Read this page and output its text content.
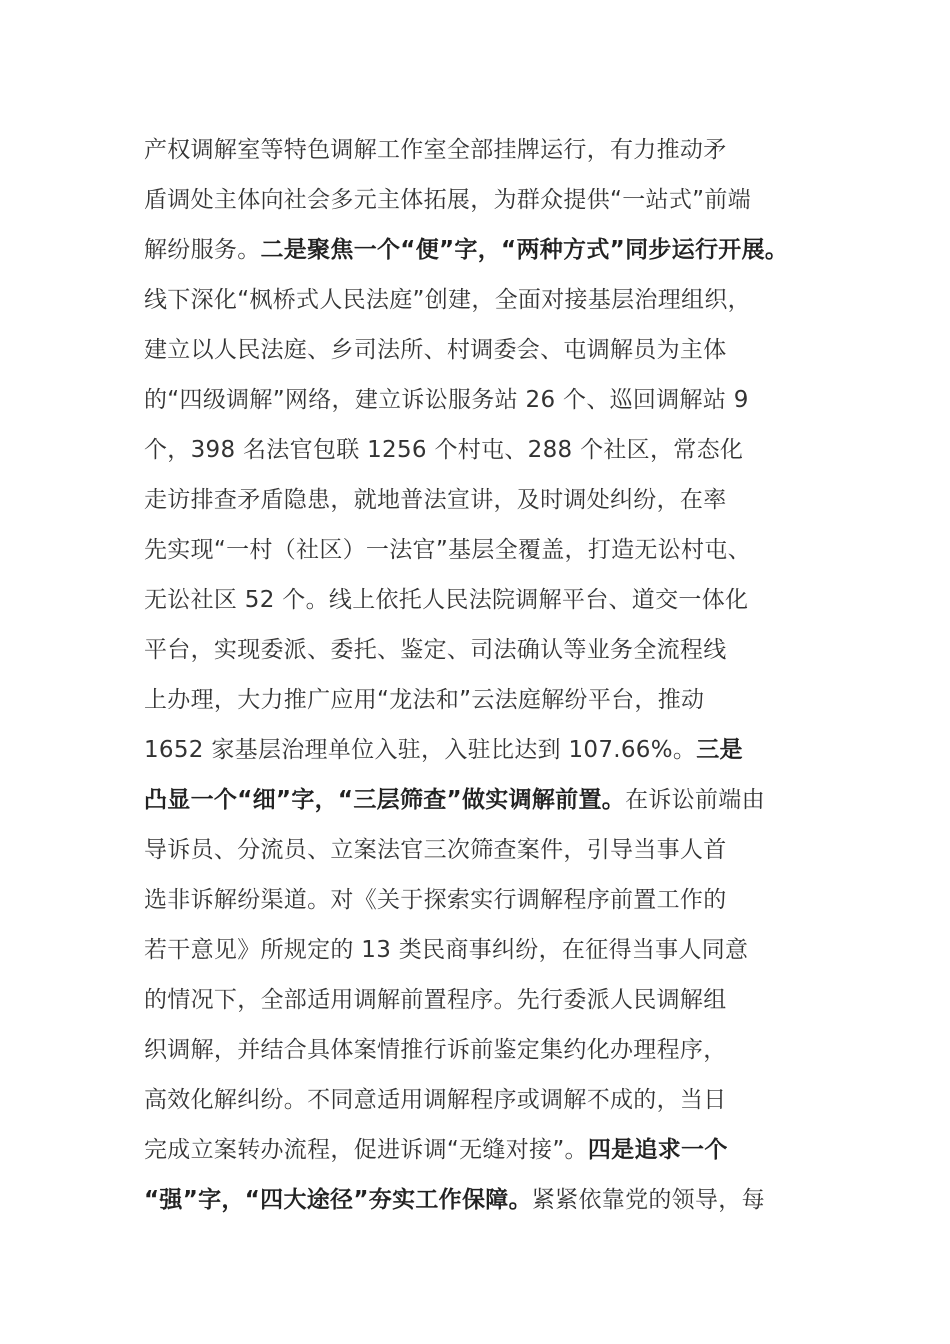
产权调解室等特色调解工作室全部挂牌运行，有力推动矛
盾调处主体向社会多元主体拓展，为群众提供“一站式”前端
解纷服务。二是聚焦一个“便”字，“两种方式”同步运行开展。
线下深化“枫桥式人民法庭”创建，全面对接基层治理组织，
建立以人民法庭、乡司法所、村调委会、屯调解员为主体
的“四级调解”网络，建立诉讼服务站 26 个、巡回调解站 9
个，398 名法官包联 1256 个村屯、288 个社区，常态化
走访排查矛盾隐患，就地普法宣讲，及时调处纠纷，在率
先实现“一村（社区）一法官”基层全覆盖，打造无讼村屯、
无讼社区 52 个。线上依托人民法院调解平台、道交一体化
平台，实现委派、委托、鉴定、司法确认等业务全流程线
上办理，大力推广应用“龙法和”云法庭解纷平台，推动
1652 家基层治理单位入驻，入驻比达到 107.66%。三是
凸显一个“细”字，“三层筛查”做实调解前置。在诉讼前端由
导诉员、分流员、立案法官三次筛查案件，引导当事人首
选非诉解纷渠道。对《关于探索实行调解程序前置工作的
若干意见》所规定的 13 类民商事纠纷，在征得当事人同意
的情况下，全部适用调解前置程序。先行委派人民调解组
织调解，并结合具体案情推行诉前鉴定集约化办理程序，
高效化解纠纷。不同意适用调解程序或调解不成的，当日
完成立案转办流程，促进诉调“无缝对接”。四是追求一个
“强”字，“四大途径”夯实工作保障。紧紧依靠党的领导，每
